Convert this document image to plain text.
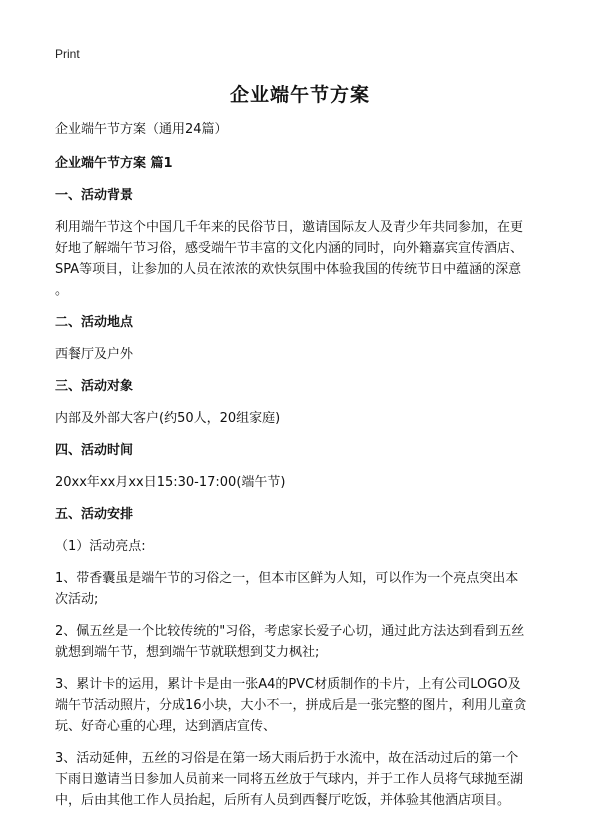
Print
企业端午节方案

企业端午节方案（通用24篇）

企业端午节方案 篇1

一、活动背景

利用端午节这个中国几千年来的民俗节日，邀请国际友人及青少年共同参加，在更

好地了解端午节习俗，感受端午节丰富的文化内涵的同时，向外籍嘉宾宣传酒店、

SPA等项目，让参加的人员在浓浓的欢快氛围中体验我国的传统节日中蕴涵的深意

。

二、活动地点

西餐厅及户外

三、活动对象

内部及外部大客户(约50人，20组家庭)

四、活动时间

20xx年xx月xx日15:30-17:00(端午节)

五、活动安排

（1）活动亮点:

1、带香囊虽是端午节的习俗之一，但本市区鲜为人知，可以作为一个亮点突出本

次活动;

2、佩五丝是一个比较传统的"习俗，考虑家长爱子心切，通过此方法达到看到五丝

就想到端午节，想到端午节就联想到艾力枫社;

3、累计卡的运用，累计卡是由一张A4的PVC材质制作的卡片，上有公司LOGO及

端午节活动照片，分成16小块，大小不一，拼成后是一张完整的图片，利用儿童贪

玩、好奇心重的心理，达到酒店宣传、

3、活动延伸，五丝的习俗是在第一场大雨后扔于水流中，故在活动过后的第一个

下雨日邀请当日参加人员前来一同将五丝放于气球内，并于工作人员将气球抛至湖

中，后由其他工作人员抬起，后所有人员到西餐厅吃饭，并体验其他酒店项目。
